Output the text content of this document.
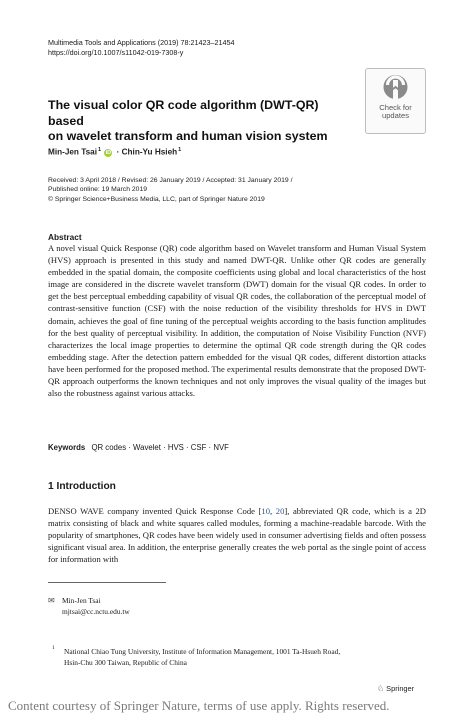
Multimedia Tools and Applications (2019) 78:21423–21454
https://doi.org/10.1007/s11042-019-7308-y
Check for
updates
The visual color QR code algorithm (DWT-QR) based
on wavelet transform and human vision system
Min-Jen Tsai$^1$ iD · Chin-Yu Hsieh$^1$
Received: 3 April 2018 / Revised: 26 January 2019 / Accepted: 31 January 2019 /
Published online: 19 March 2019
© Springer Science+Business Media, LLC, part of Springer Nature 2019
Abstract
A novel visual Quick Response (QR) code algorithm based on Wavelet transform and Human Visual System (HVS) approach is presented in this study and named DWT-QR. Unlike other QR codes are generally embedded in the spatial domain, the composite coefficients using global and local characteristics of the host image are considered in the discrete wavelet transform (DWT) domain for the visual QR codes. In order to get the best perceptual embedding capability of visual QR codes, the collaboration of the perceptual model of contrast-sensitive function (CSF) with the noise reduction of the visibility thresholds for HVS in DWT domain, achieves the goal of fine tuning of the perceptual weights according to the basis function amplitudes for the best quality of perceptual visibility. In addition, the computation of Noise Visibility Function (NVF) characterizes the local image properties to determine the optimal QR code strength during the QR codes embedding stage. After the detection pattern embedded for the visual QR codes, different distortion attacks have been performed for the proposed method. The experimental results demonstrate that the proposed DWT-QR approach outperforms the known techniques and not only improves the visual quality of the images but also the robustness against various attacks.
Keywords QR codes · Wavelet · HVS · CSF · NVF
1 Introduction
DENSO WAVE company invented Quick Response Code [10, 20], abbreviated QR code, which is a 2D matrix consisting of black and white squares called modules, forming a machine-readable barcode. With the popularity of smartphones, QR codes have been widely used in consumer advertising fields and often possess significant visual area. In addition, the enterprise generally creates the web portal as the single point of access for information with
✉ Min-Jen Tsai
mjtsai@cc.nctu.edu.tw
1 National Chiao Tung University, Institute of Information Management, 1001 Ta-Hsueh Road,
Hsin-Chu 300 Taiwan, Republic of China
♘ Springer
Content courtesy of Springer Nature, terms of use apply. Rights reserved.
